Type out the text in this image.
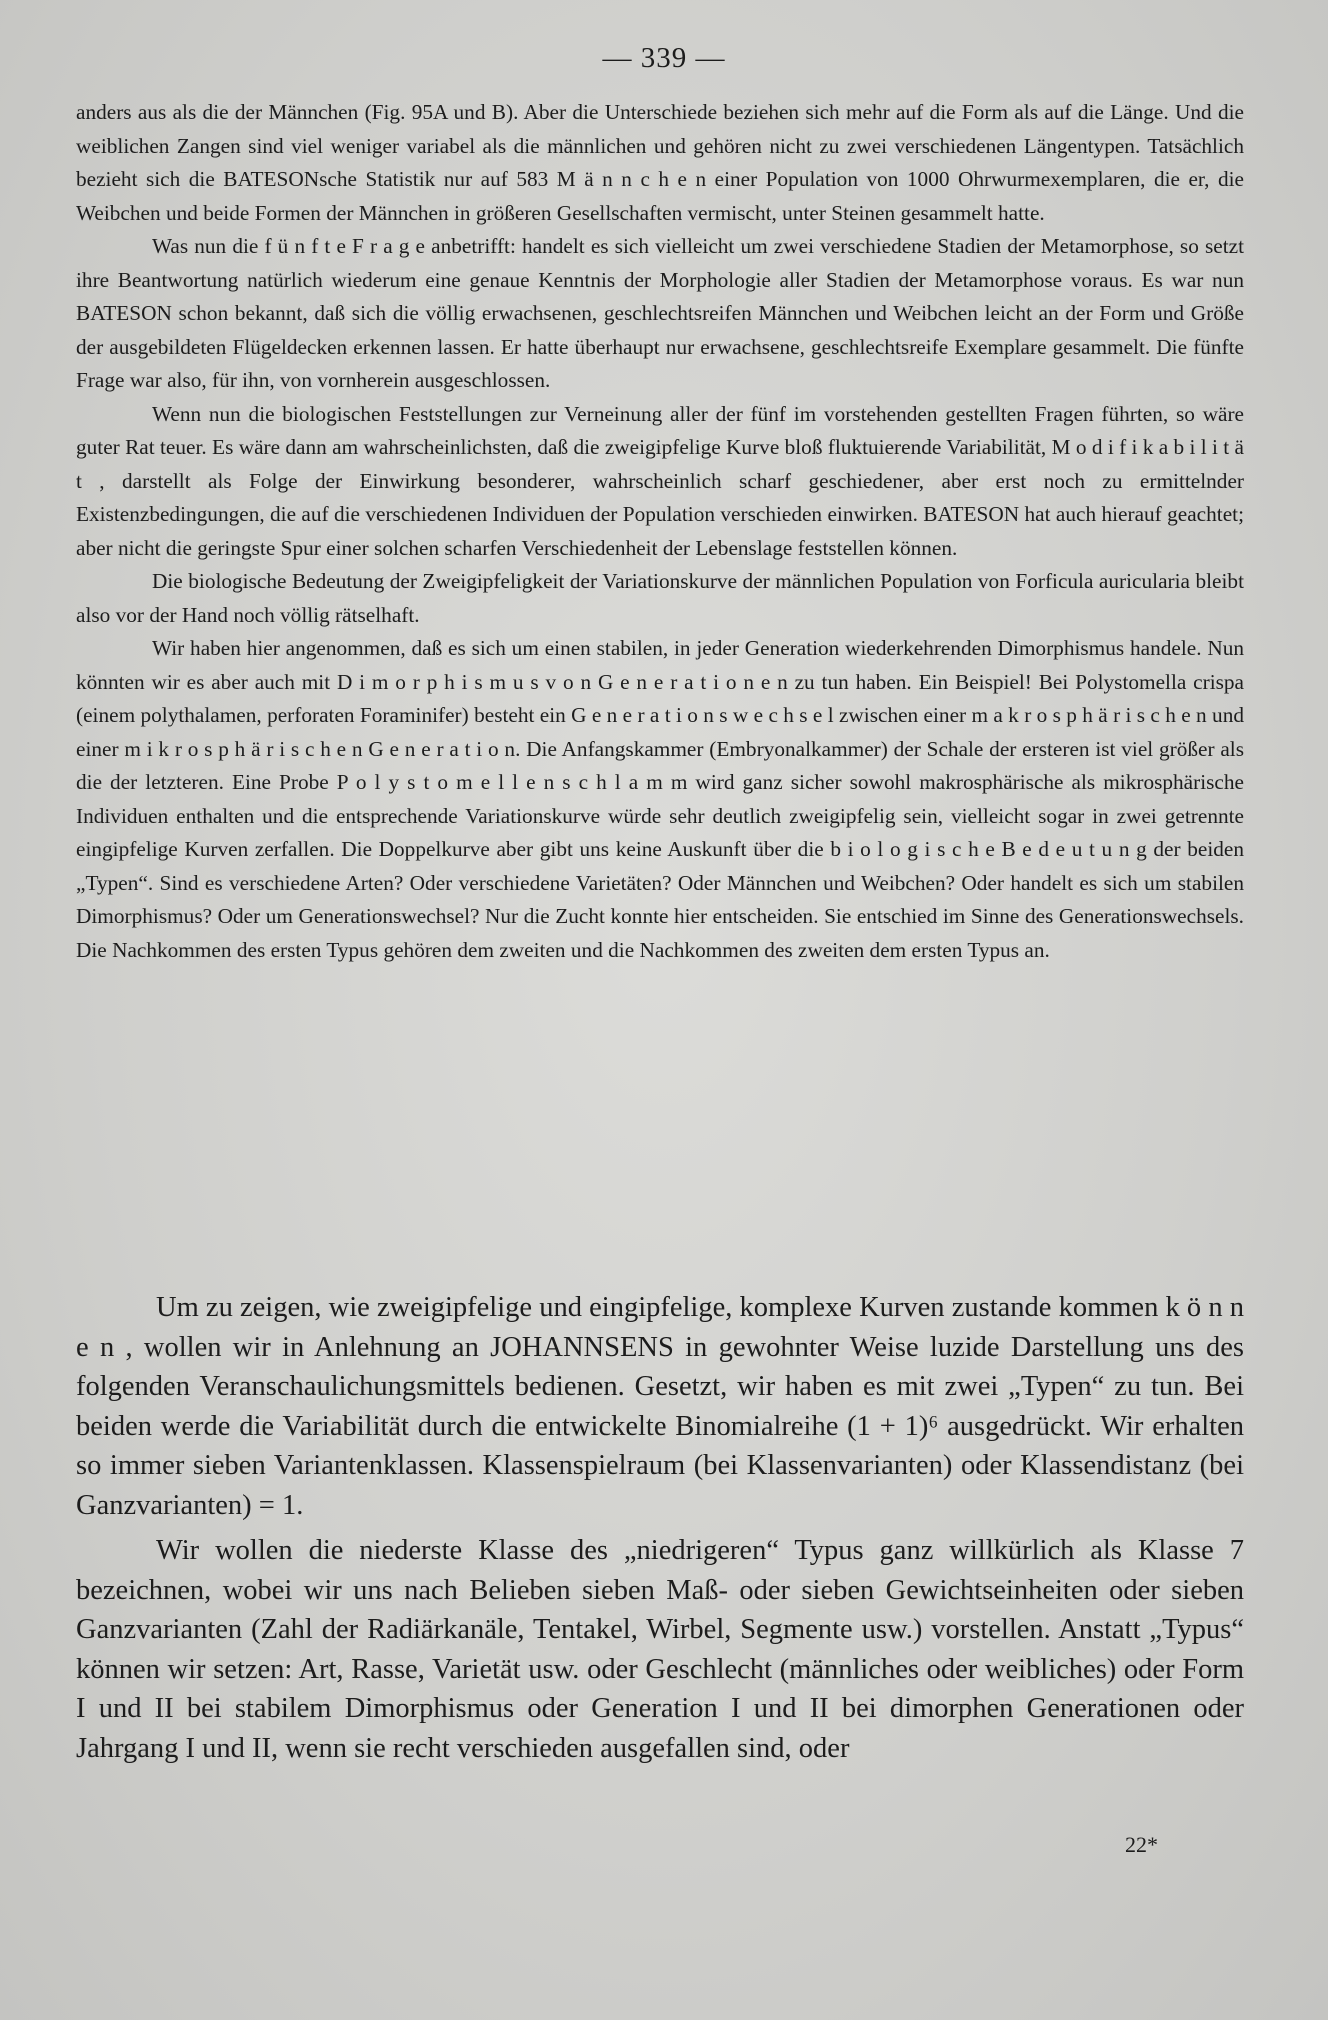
— 339 —

anders aus als die der Männchen (Fig. 95A und B). Aber die Unterschiede beziehen sich mehr auf die Form als auf die Länge. Und die weiblichen Zangen sind viel weniger variabel als die männlichen und gehören nicht zu zwei verschiedenen Längentypen. Tatsächlich bezieht sich die BATESONsche Statistik nur auf 583 M ä n n c h e n einer Population von 1000 Ohrwurmexemplaren, die er, die Weibchen und beide Formen der Männchen in größeren Gesellschaften vermischt, unter Steinen gesammelt hatte.

Was nun die f ü n f t e F r a g e anbetrifft: handelt es sich vielleicht um zwei verschiedene Stadien der Metamorphose, so setzt ihre Beantwortung natürlich wiederum eine genaue Kenntnis der Morphologie aller Stadien der Metamorphose voraus. Es war nun BATESON schon bekannt, daß sich die völlig erwachsenen, geschlechtsreifen Männchen und Weibchen leicht an der Form und Größe der ausgebildeten Flügeldecken erkennen lassen. Er hatte überhaupt nur erwachsene, geschlechtsreife Exemplare gesammelt. Die fünfte Frage war also, für ihn, von vornherein ausgeschlossen.

Wenn nun die biologischen Feststellungen zur Verneinung aller der fünf im vorstehenden gestellten Fragen führten, so wäre guter Rat teuer. Es wäre dann am wahrscheinlichsten, daß die zweigipfelige Kurve bloß fluktuierende Variabilität, M o d i f i k a b i l i t ä t , darstellt als Folge der Einwirkung besonderer, wahrscheinlich scharf geschiedener, aber erst noch zu ermittelnder Existenzbedingungen, die auf die verschiedenen Individuen der Population verschieden einwirken. BATESON hat auch hierauf geachtet; aber nicht die geringste Spur einer solchen scharfen Verschiedenheit der Lebenslage feststellen können.

Die biologische Bedeutung der Zweigipfeligkeit der Variationskurve der männlichen Population von Forficula auricularia bleibt also vor der Hand noch völlig rätselhaft.

Wir haben hier angenommen, daß es sich um einen stabilen, in jeder Generation wiederkehrenden Dimorphismus handele. Nun könnten wir es aber auch mit D i m o r p h i s m u s v o n G e n e r a t i o n e n zu tun haben. Ein Beispiel! Bei Polystomella crispa (einem polythalamen, perforaten Foraminifer) besteht ein G e n e r a t i o n s w e c h s e l zwischen einer m a k r o s p h ä r i s c h e n und einer m i k r o s p h ä r i s c h e n G e n e r a t i o n. Die Anfangskammer (Embryonalkammer) der Schale der ersteren ist viel größer als die der letzteren. Eine Probe P o l y s t o m e l l e n s c h l a m m wird ganz sicher sowohl makrosphärische als mikrosphärische Individuen enthalten und die entsprechende Variationskurve würde sehr deutlich zweigipfelig sein, vielleicht sogar in zwei getrennte eingipfelige Kurven zerfallen. Die Doppelkurve aber gibt uns keine Auskunft über die b i o l o g i s c h e B e d e u t u n g der beiden „Typen“. Sind es verschiedene Arten? Oder verschiedene Varietäten? Oder Männchen und Weibchen? Oder handelt es sich um stabilen Dimorphismus? Oder um Generationswechsel? Nur die Zucht konnte hier entscheiden. Sie entschied im Sinne des Generationswechsels. Die Nachkommen des ersten Typus gehören dem zweiten und die Nachkommen des zweiten dem ersten Typus an.

Um zu zeigen, wie zweigipfelige und eingipfelige, komplexe Kurven zustande kommen k ö n n e n , wollen wir in Anlehnung an JOHANNSENS in gewohnter Weise luzide Darstellung uns des folgenden Veranschaulichungsmittels bedienen. Gesetzt, wir haben es mit zwei „Typen“ zu tun. Bei beiden werde die Variabilität durch die entwickelte Binomialreihe (1 + 1)⁶ ausgedrückt. Wir erhalten so immer sieben Variantenklassen. Klassenspielraum (bei Klassenvarianten) oder Klassendistanz (bei Ganzvarianten) = 1.

Wir wollen die niederste Klasse des „niedrigeren“ Typus ganz willkürlich als Klasse 7 bezeichnen, wobei wir uns nach Belieben sieben Maß- oder sieben Gewichtseinheiten oder sieben Ganzvarianten (Zahl der Radiärkanäle, Tentakel, Wirbel, Segmente usw.) vorstellen. Anstatt „Typus“ können wir setzen: Art, Rasse, Varietät usw. oder Geschlecht (männliches oder weibliches) oder Form I und II bei stabilem Dimorphismus oder Generation I und II bei dimorphen Generationen oder Jahrgang I und II, wenn sie recht verschieden ausgefallen sind, oder

22*
